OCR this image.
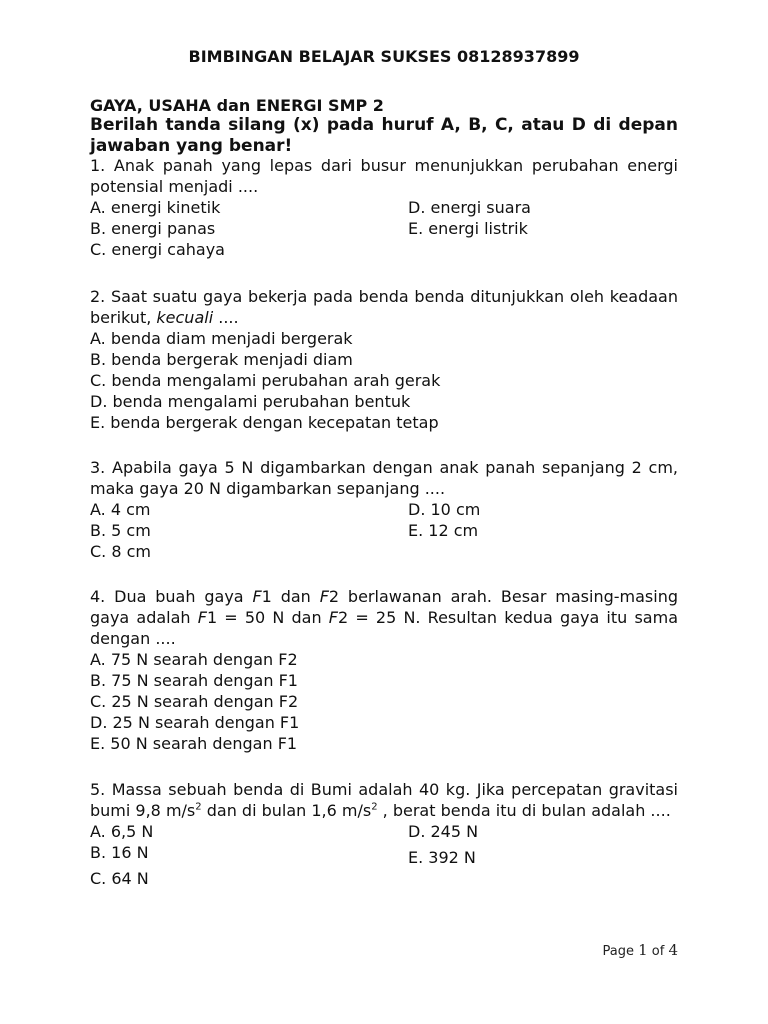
BIMBINGAN BELAJAR SUKSES 08128937899
GAYA, USAHA dan ENERGI SMP 2
Berilah tanda silang (x) pada huruf A, B, C, atau D di depan jawaban yang benar!
1. Anak panah yang lepas dari busur menunjukkan perubahan energi potensial menjadi ....
A. energi kinetik	D. energi suara
B. energi panas	E. energi listrik
C. energi cahaya
2. Saat suatu gaya bekerja pada benda benda ditunjukkan oleh keadaan berikut, kecuali ....
A. benda diam menjadi bergerak
B. benda bergerak menjadi diam
C. benda mengalami perubahan arah gerak
D. benda mengalami perubahan bentuk
E. benda bergerak dengan kecepatan tetap
3. Apabila gaya 5 N digambarkan dengan anak panah sepanjang 2 cm, maka gaya 20 N digambarkan sepanjang ....
A. 4 cm	D. 10 cm
B. 5 cm	E. 12 cm
C. 8 cm
4. Dua buah gaya F1 dan F2 berlawanan arah. Besar masing-masing gaya adalah F1 = 50 N dan F2 = 25 N. Resultan kedua gaya itu sama dengan ....
A. 75 N searah dengan F2
B. 75 N searah dengan F1
C. 25 N searah dengan F2
D. 25 N searah dengan F1
E. 50 N searah dengan F1
5. Massa sebuah benda di Bumi adalah 40 kg. Jika percepatan gravitasi bumi 9,8 $m/s^2$ dan di bulan 1,6 $m/s^2$ , berat benda itu di bulan adalah ....
A. 6,5 N	D. 245 N
B. 16 N	E. 392 N
C. 64 N
Page 1 of 4
